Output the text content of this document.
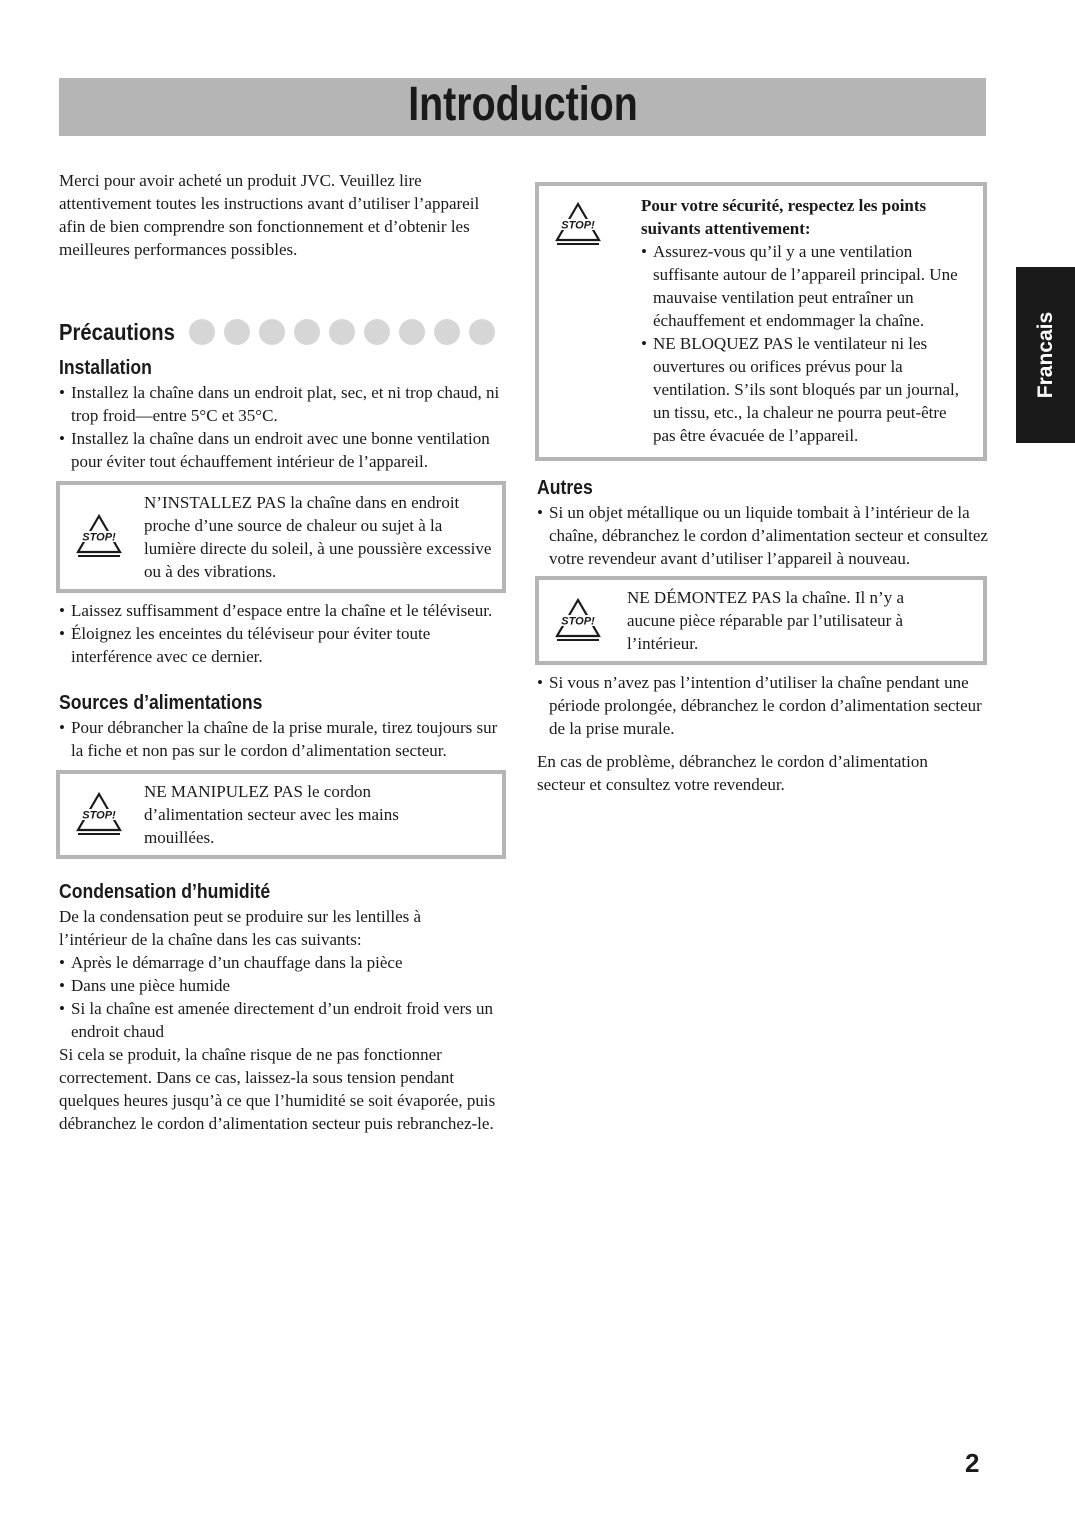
Introduction
Francais

Merci pour avoir acheté un produit JVC. Veuillez lire attentivement toutes les instructions avant d’utiliser l’appareil afin de bien comprendre son fonctionnement et d’obtenir les meilleures performances possibles.

Précautions
Installation
• Installez la chaîne dans un endroit plat, sec, et ni trop chaud, ni trop froid—entre 5°C et 35°C.
• Installez la chaîne dans un endroit avec une bonne ventilation pour éviter tout échauffement intérieur de l’appareil.
STOP!

N’INSTALLEZ PAS la chaîne dans en endroit proche d’une source de chaleur ou sujet à la lumière directe du soleil, à une poussière excessive ou à des vibrations.

• Laissez suffisamment d’espace entre la chaîne et le téléviseur.
• Éloignez les enceintes du téléviseur pour éviter toute interférence avec ce dernier.
Sources d’alimentations
• Pour débrancher la chaîne de la prise murale, tirez toujours sur la fiche et non pas sur le cordon d’alimentation secteur.
STOP!

NE MANIPULEZ PAS le cordon d’alimentation secteur avec les mains mouillées.

Condensation d’humidité

De la condensation peut se produire sur les lentilles à l’intérieur de la chaîne dans les cas suivants:

• Après le démarrage d’un chauffage dans la pièce
• Dans une pièce humide
• Si la chaîne est amenée directement d’un endroit froid vers un endroit chaud

Si cela se produit, la chaîne risque de ne pas fonctionner correctement. Dans ce cas, laissez-la sous tension pendant quelques heures jusqu’à ce que l’humidité se soit évaporée, puis débranchez le cordon d’alimentation secteur puis rebranchez-le.

STOP!

Pour votre sécurité, respectez les points suivants attentivement:

• Assurez-vous qu’il y a une ventilation suffisante autour de l’appareil principal. Une mauvaise ventilation peut entraîner un échauffement et endommager la chaîne.
• NE BLOQUEZ PAS le ventilateur ni les ouvertures ou orifices prévus pour la ventilation. S’ils sont bloqués par un journal, un tissu, etc., la chaleur ne pourra peut-être pas être évacuée de l’appareil.
Autres
• Si un objet métallique ou un liquide tombait à l’intérieur de la chaîne, débranchez le cordon d’alimentation secteur et consultez votre revendeur avant d’utiliser l’appareil à nouveau.
STOP!

NE DÉMONTEZ PAS la chaîne. Il n’y a aucune pièce réparable par l’utilisateur à l’intérieur.

• Si vous n’avez pas l’intention d’utiliser la chaîne pendant une période prolongée, débranchez le cordon d’alimentation secteur de la prise murale.

En cas de problème, débranchez le cordon d’alimentation secteur et consultez votre revendeur.

2
